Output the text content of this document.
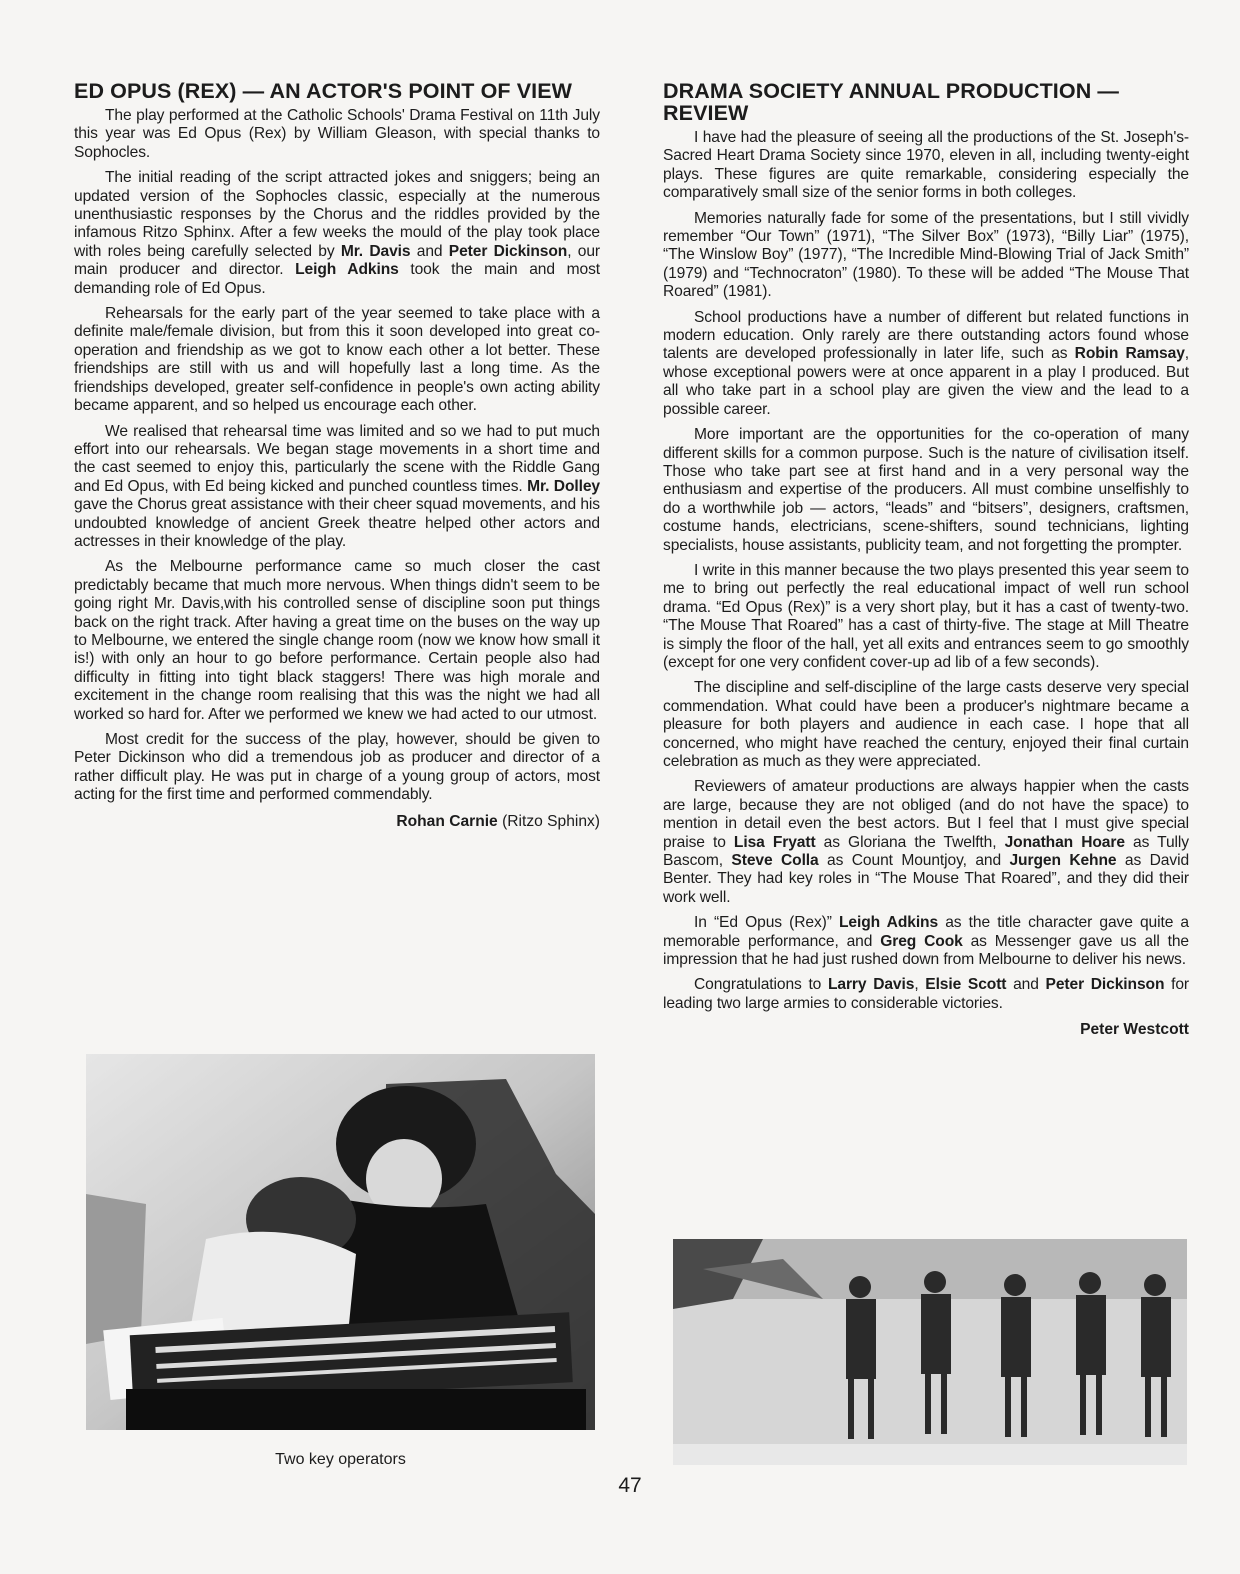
ED OPUS (REX) — AN ACTOR'S POINT OF VIEW

The play performed at the Catholic Schools' Drama Festival on 11th July this year was Ed Opus (Rex) by William Gleason, with special thanks to Sophocles.

The initial reading of the script attracted jokes and sniggers; being an updated version of the Sophocles classic, especially at the numerous unenthusiastic responses by the Chorus and the riddles provided by the infamous Ritzo Sphinx. After a few weeks the mould of the play took place with roles being carefully selected by Mr. Davis and Peter Dickinson, our main producer and director. Leigh Adkins took the main and most demanding role of Ed Opus.

Rehearsals for the early part of the year seemed to take place with a definite male/female division, but from this it soon developed into great co-operation and friendship as we got to know each other a lot better. These friendships are still with us and will hopefully last a long time. As the friendships developed, greater self-confidence in people's own acting ability became apparent, and so helped us encourage each other.

We realised that rehearsal time was limited and so we had to put much effort into our rehearsals. We began stage movements in a short time and the cast seemed to enjoy this, particularly the scene with the Riddle Gang and Ed Opus, with Ed being kicked and punched countless times. Mr. Dolley gave the Chorus great assistance with their cheer squad movements, and his undoubted knowledge of ancient Greek theatre helped other actors and actresses in their knowledge of the play.

As the Melbourne performance came so much closer the cast predictably became that much more nervous. When things didn't seem to be going right Mr. Davis,with his controlled sense of discipline soon put things back on the right track. After having a great time on the buses on the way up to Melbourne, we entered the single change room (now we know how small it is!) with only an hour to go before performance. Certain people also had difficulty in fitting into tight black staggers! There was high morale and excitement in the change room realising that this was the night we had all worked so hard for. After we performed we knew we had acted to our utmost.

Most credit for the success of the play, however, should be given to Peter Dickinson who did a tremendous job as producer and director of a rather difficult play. He was put in charge of a young group of actors, most acting for the first time and performed commendably.

Rohan Carnie (Ritzo Sphinx)
DRAMA SOCIETY ANNUAL PRODUCTION — REVIEW

I have had the pleasure of seeing all the productions of the St. Joseph's-Sacred Heart Drama Society since 1970, eleven in all, including twenty-eight plays. These figures are quite remarkable, considering especially the comparatively small size of the senior forms in both colleges.

Memories naturally fade for some of the presentations, but I still vividly remember “Our Town” (1971), “The Silver Box” (1973), “Billy Liar” (1975), “The Winslow Boy” (1977), “The Incredible Mind-Blowing Trial of Jack Smith” (1979) and “Technocraton” (1980). To these will be added “The Mouse That Roared” (1981).

School productions have a number of different but related functions in modern education. Only rarely are there outstanding actors found whose talents are developed professionally in later life, such as Robin Ramsay, whose exceptional powers were at once apparent in a play I produced. But all who take part in a school play are given the view and the lead to a possible career.

More important are the opportunities for the co-operation of many different skills for a common purpose. Such is the nature of civilisation itself. Those who take part see at first hand and in a very personal way the enthusiasm and expertise of the producers. All must combine unselfishly to do a worthwhile job — actors, “leads” and “bitsers”, designers, craftsmen, costume hands, electricians, scene-shifters, sound technicians, lighting specialists, house assistants, publicity team, and not forgetting the prompter.

I write in this manner because the two plays presented this year seem to me to bring out perfectly the real educational impact of well run school drama. “Ed Opus (Rex)” is a very short play, but it has a cast of twenty-two. “The Mouse That Roared” has a cast of thirty-five. The stage at Mill Theatre is simply the floor of the hall, yet all exits and entrances seem to go smoothly (except for one very confident cover-up ad lib of a few seconds).

The discipline and self-discipline of the large casts deserve very special commendation. What could have been a producer's nightmare became a pleasure for both players and audience in each case. I hope that all concerned, who might have reached the century, enjoyed their final curtain celebration as much as they were appreciated.

Reviewers of amateur productions are always happier when the casts are large, because they are not obliged (and do not have the space) to mention in detail even the best actors. But I feel that I must give special praise to Lisa Fryatt as Gloriana the Twelfth, Jonathan Hoare as Tully Bascom, Steve Colla as Count Mountjoy, and Jurgen Kehne as David Benter. They had key roles in “The Mouse That Roared”, and they did their work well.

In “Ed Opus (Rex)” Leigh Adkins as the title character gave quite a memorable performance, and Greg Cook as Messenger gave us all the impression that he had just rushed down from Melbourne to deliver his news.

Congratulations to Larry Davis, Elsie Scott and Peter Dickinson for leading two large armies to considerable victories.

Peter Westcott
Two key operators
47
